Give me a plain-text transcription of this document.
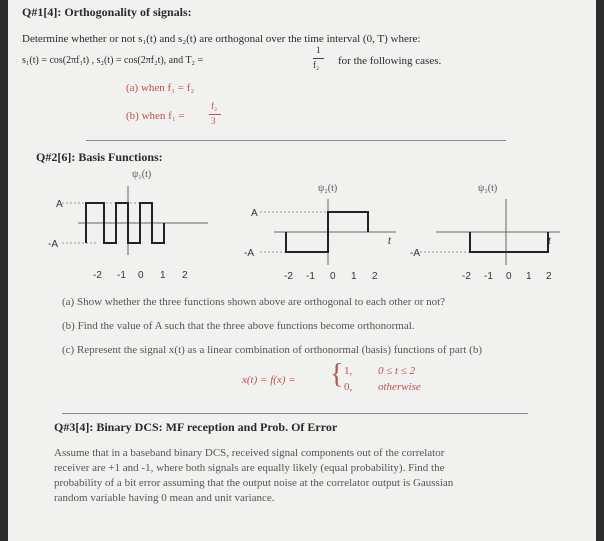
Q#1[4]: Orthogonality of signals:
Determine whether or not s₁(t) and s₂(t) are orthogonal over the time interval (0, T) where:
s₁(t) = cos(2πf₁t) , s₂(t) = cos(2πf₂t), and T₂ =
1
f₂ for the following cases.
(a) when f₁ = f₂
(b) when f₁ =
f₂
3
Q#2[6]: Basis Functions:
ψ₁(t)
A
-A
-2 -1 0 1 2
ψ₂(t)
A
-A
t
-2 -1 0 1 2
ψ₃(t)
-A
t
-2 -1 0 1 2
(a) Show whether the three functions shown above are orthogonal to each other or not?
(b) Find the value of A such that the three above functions become orthonormal.
(c) Represent the signal x(t) as a linear combination of orthonormal (basis) functions of part (b)
x(t) = f(x) = { 1, 0 ≤ t ≤ 2
0, otherwise
Q#3[4]: Binary DCS: MF reception and Prob. Of Error
Assume that in a baseband binary DCS, received signal components out of the correlator
receiver are +1 and -1, where both signals are equally likely (equal probability). Find the
probability of a bit error assuming that the output noise at the correlator output is Gaussian
random variable having 0 mean and unit variance.
